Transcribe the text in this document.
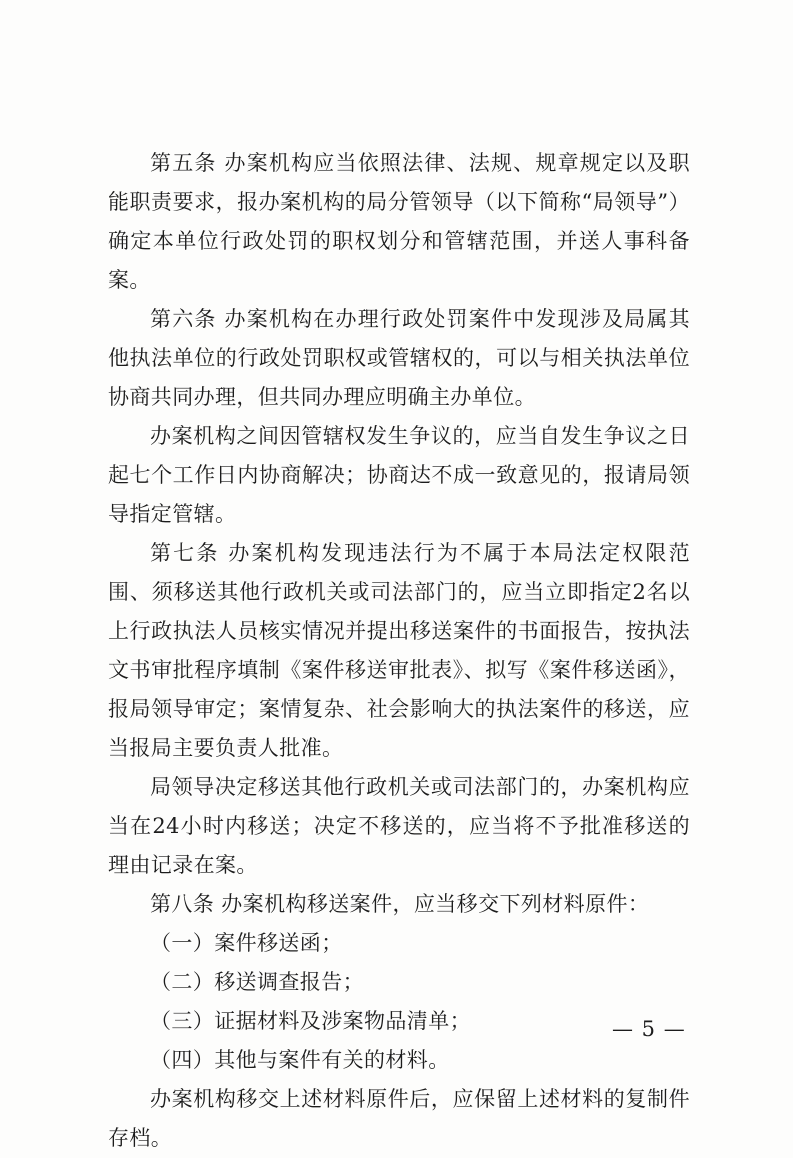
第五条 办案机构应当依照法律、法规、规章规定以及职能职责要求，报办案机构的局分管领导（以下简称“局领导”）确定本单位行政处罚的职权划分和管辖范围，并送人事科备案。

第六条 办案机构在办理行政处罚案件中发现涉及局属其他执法单位的行政处罚职权或管辖权的，可以与相关执法单位协商共同办理，但共同办理应明确主办单位。

办案机构之间因管辖权发生争议的，应当自发生争议之日起七个工作日内协商解决；协商达不成一致意见的，报请局领导指定管辖。

第七条 办案机构发现违法行为不属于本局法定权限范围、须移送其他行政机关或司法部门的，应当立即指定2名以上行政执法人员核实情况并提出移送案件的书面报告，按执法文书审批程序填制《案件移送审批表》、拟写《案件移送函》，报局领导审定；案情复杂、社会影响大的执法案件的移送，应当报局主要负责人批准。

局领导决定移送其他行政机关或司法部门的，办案机构应当在24小时内移送；决定不移送的，应当将不予批准移送的理由记录在案。

第八条 办案机构移送案件，应当移交下列材料原件：

（一）案件移送函；

（二）移送调查报告；

（三）证据材料及涉案物品清单；

（四）其他与案件有关的材料。

办案机构移交上述材料原件后，应保留上述材料的复制件存档。

— 5 —
